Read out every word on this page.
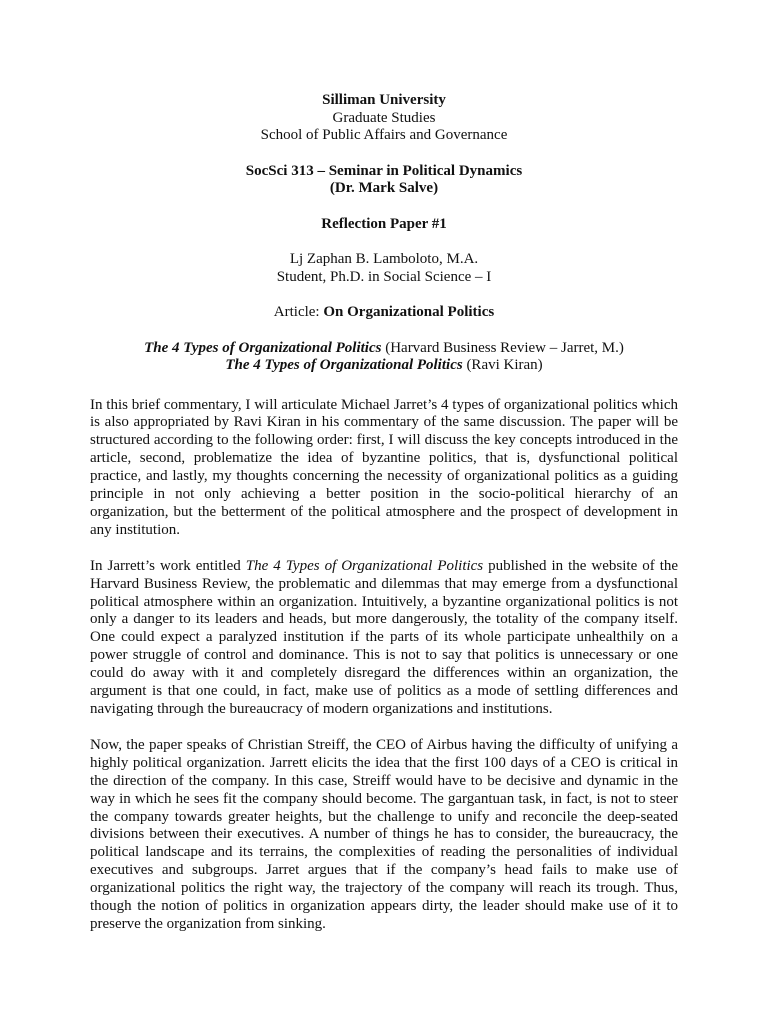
Silliman University
Graduate Studies
School of Public Affairs and Governance
SocSci 313 – Seminar in Political Dynamics
(Dr. Mark Salve)
Reflection Paper #1
Lj Zaphan B. Lamboloto, M.A.
Student, Ph.D. in Social Science – I
Article: On Organizational Politics
The 4 Types of Organizational Politics (Harvard Business Review – Jarret, M.)
The 4 Types of Organizational Politics (Ravi Kiran)

In this brief commentary, I will articulate Michael Jarret’s 4 types of organizational politics which is also appropriated by Ravi Kiran in his commentary of the same discussion. The paper will be structured according to the following order: first, I will discuss the key concepts introduced in the article, second, problematize the idea of byzantine politics, that is, dysfunctional political practice, and lastly, my thoughts concerning the necessity of organizational politics as a guiding principle in not only achieving a better position in the socio-political hierarchy of an organization, but the betterment of the political atmosphere and the prospect of development in any institution.

In Jarrett’s work entitled The 4 Types of Organizational Politics published in the website of the Harvard Business Review, the problematic and dilemmas that may emerge from a dysfunctional political atmosphere within an organization. Intuitively, a byzantine organizational politics is not only a danger to its leaders and heads, but more dangerously, the totality of the company itself. One could expect a paralyzed institution if the parts of its whole participate unhealthily on a power struggle of control and dominance. This is not to say that politics is unnecessary or one could do away with it and completely disregard the differences within an organization, the argument is that one could, in fact, make use of politics as a mode of settling differences and navigating through the bureaucracy of modern organizations and institutions.

Now, the paper speaks of Christian Streiff, the CEO of Airbus having the difficulty of unifying a highly political organization. Jarrett elicits the idea that the first 100 days of a CEO is critical in the direction of the company. In this case, Streiff would have to be decisive and dynamic in the way in which he sees fit the company should become. The gargantuan task, in fact, is not to steer the company towards greater heights, but the challenge to unify and reconcile the deep-seated divisions between their executives. A number of things he has to consider, the bureaucracy, the political landscape and its terrains, the complexities of reading the personalities of individual executives and subgroups. Jarret argues that if the company’s head fails to make use of organizational politics the right way, the trajectory of the company will reach its trough. Thus, though the notion of politics in organization appears dirty, the leader should make use of it to preserve the organization from sinking.
